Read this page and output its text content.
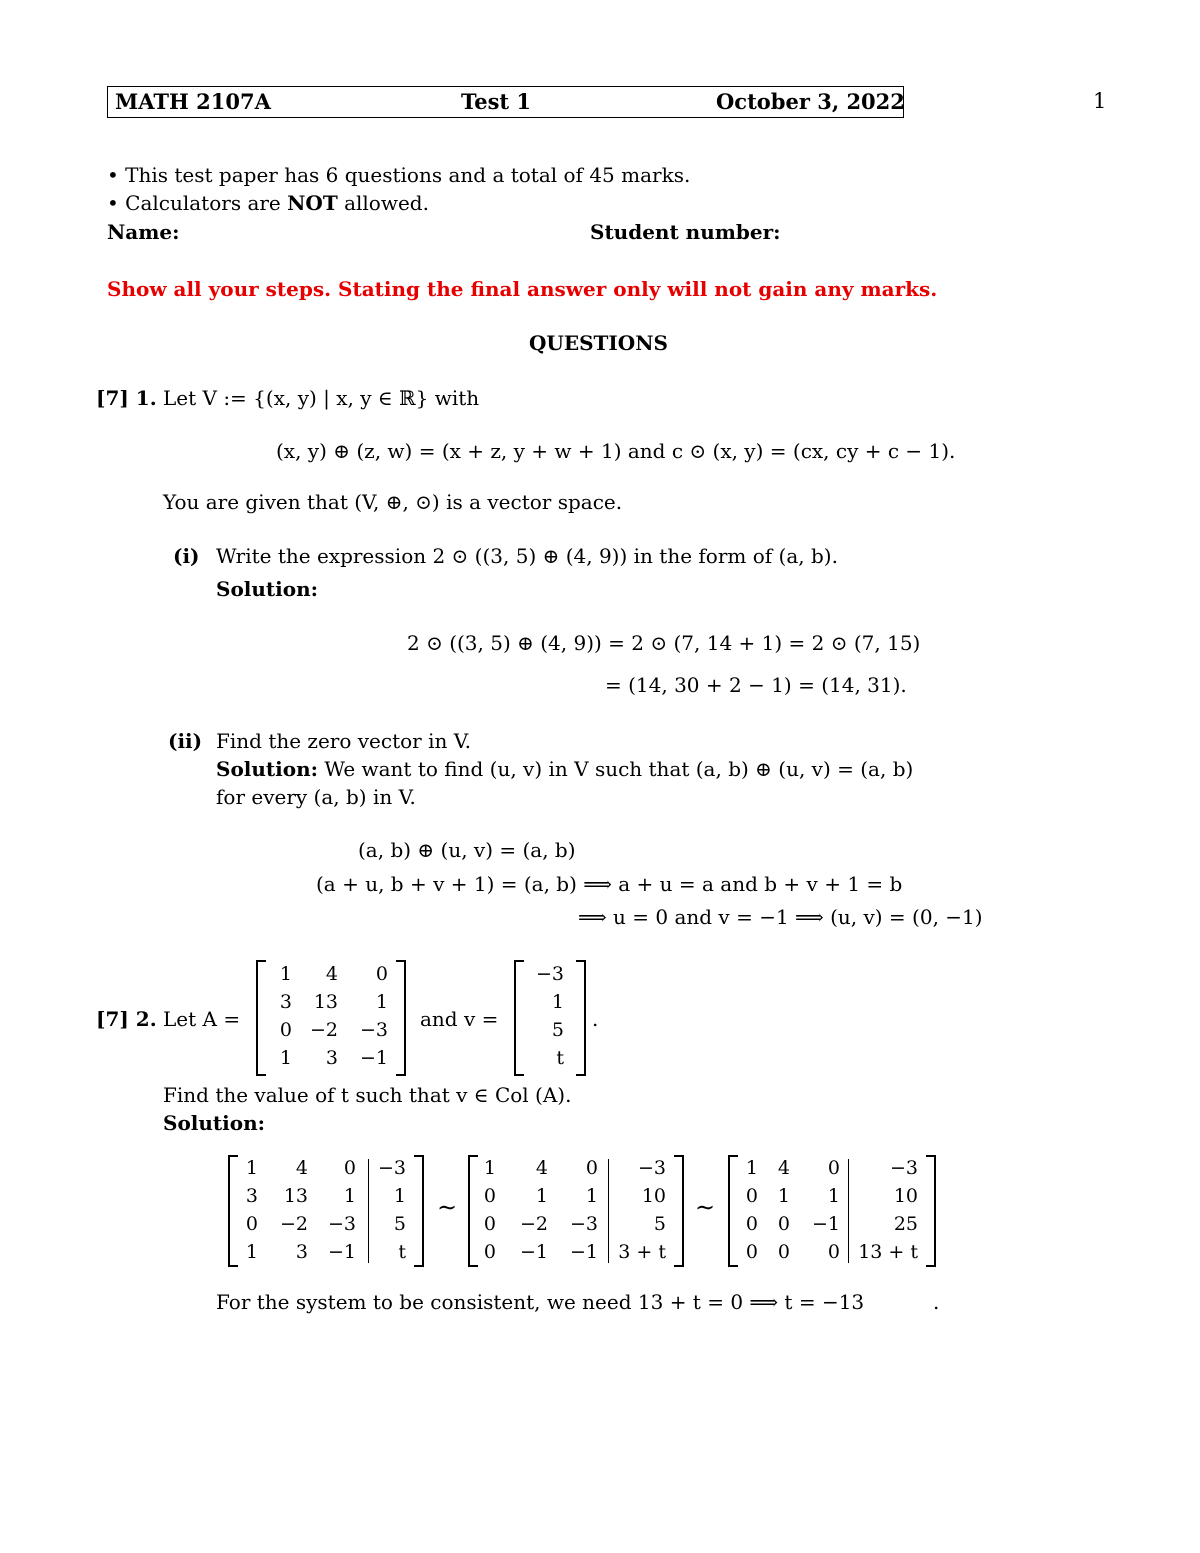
MATH 2107A	Test 1	October 3, 2022	1
• This test paper has 6 questions and a total of 45 marks.
• Calculators are NOT allowed.
Name:	Student number:
Show all your steps. Stating the final answer only will not gain any marks.
QUESTIONS
[7] 1. Let V := {(x, y) | x, y ∈ ℝ} with
(x, y) ⊕ (z, w) = (x + z, y + w + 1) and c ⊙ (x, y) = (cx, cy + c − 1).
You are given that (V, ⊕, ⊙) is a vector space.
(i) Write the expression 2 ⊙ ((3, 5) ⊕ (4, 9)) in the form of (a, b).
Solution:
2 ⊙ ((3, 5) ⊕ (4, 9)) = 2 ⊙ (7, 14 + 1) = 2 ⊙ (7, 15)
= (14, 30 + 2 − 1) = (14, 31).
(ii) Find the zero vector in V.
Solution: We want to find (u, v) in V such that (a, b) ⊕ (u, v) = (a, b)
for every (a, b) in V.
(a, b) ⊕ (u, v) = (a, b)
(a + u, b + v + 1) = (a, b) ⟹ a + u = a and b + v + 1 = b
⟹ u = 0 and v = −1 ⟹ (u, v) = (0, −1)
[7] 2. Let A =
1 4 0
3 13 1
0 −2 −3
1 3 −1
and v =
−3
1
5
t
.
Find the value of t such that v ∈ Col (A).
Solution:
1 4 0 −3
3 13 1 1
0 −2 −3 5
1 3 −1 t
∼
1 4 0 −3
0 1 1 10
0 −2 −3	5
0 −1 −1 3 + t
∼
1 4 0	−3
0 1 1	10
0 0 −1	25
0 0 0 13 + t
For the system to be consistent, we need 13 + t = 0 ⟹ t = −13	.
